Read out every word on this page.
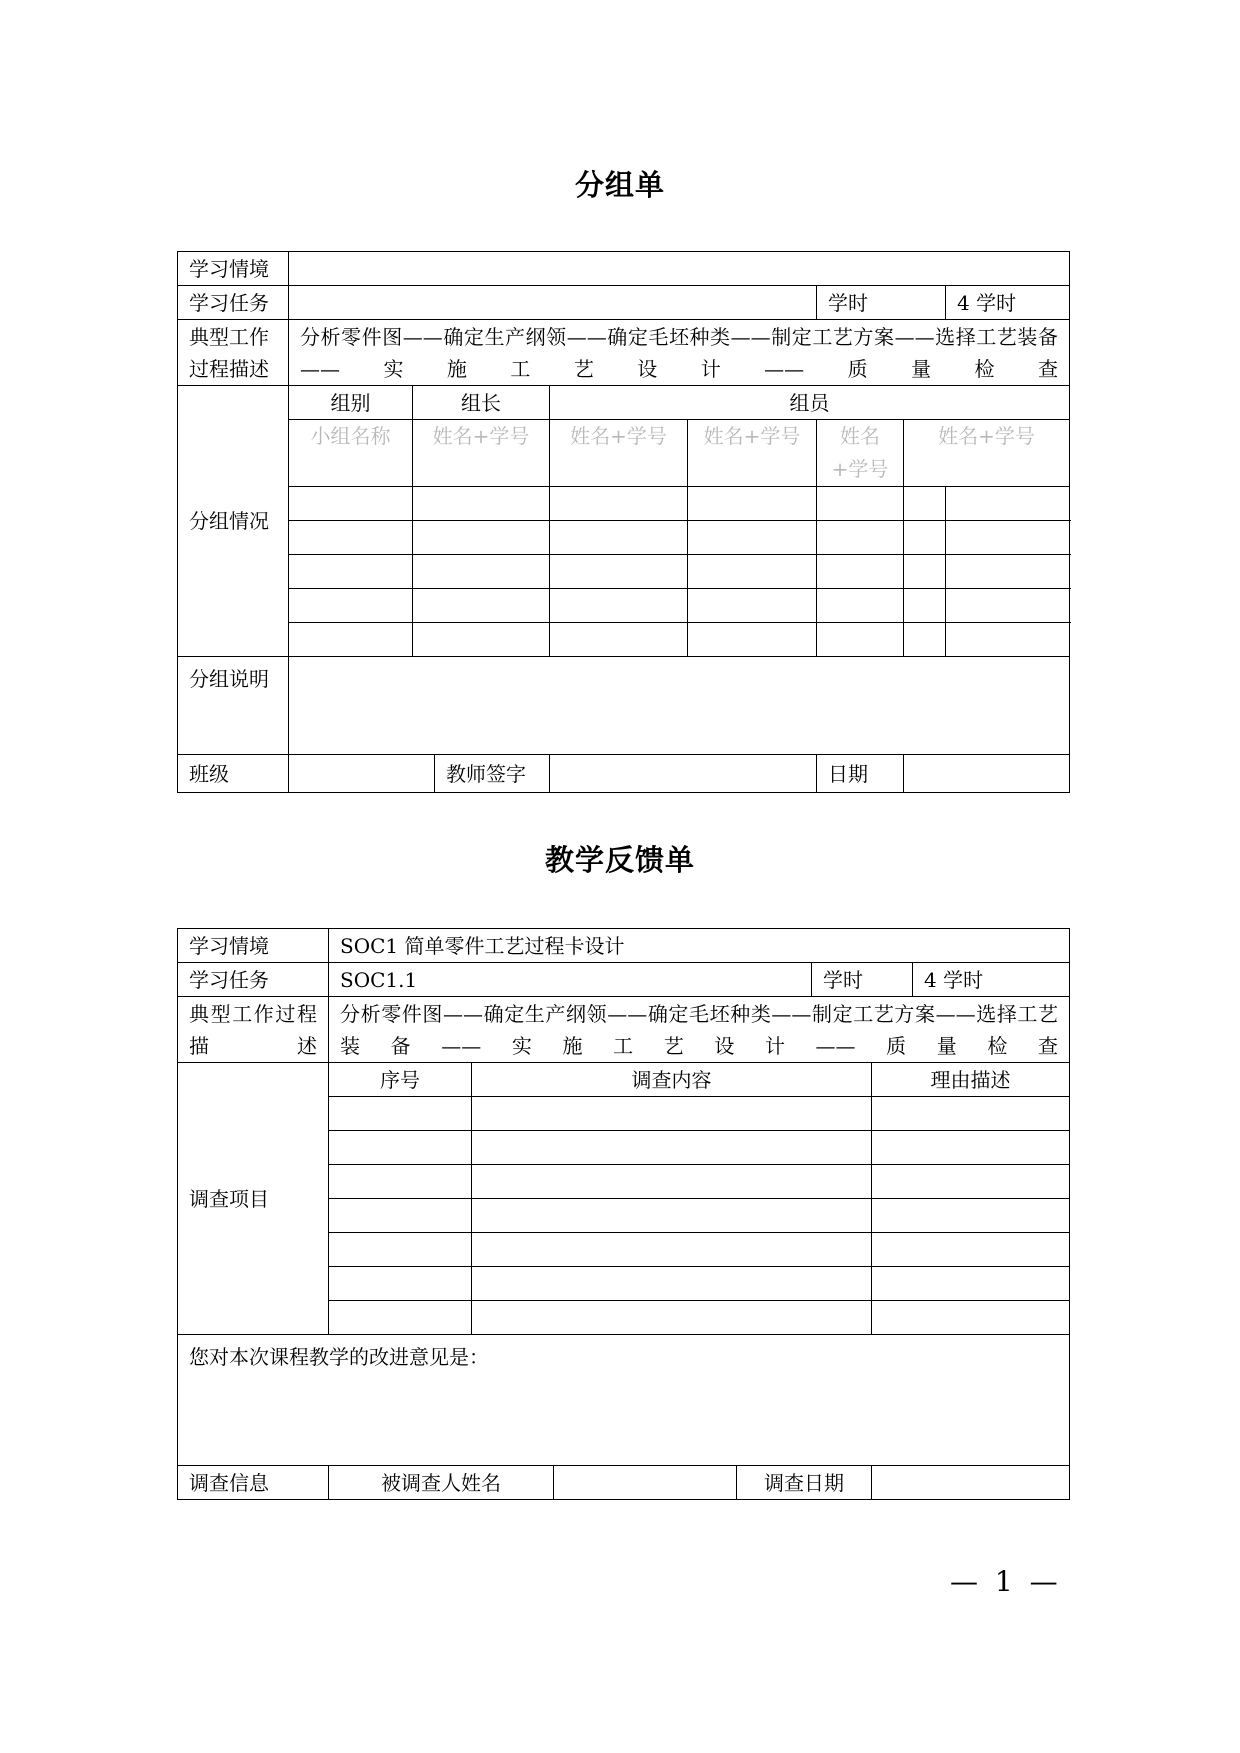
分组单
学习情境								
学习任务						学时		4 学时
典型工作过程描述	分析零件图——确定生产纲领——确定毛坯种类——制定工艺方案——选择工艺装备——实施工艺设计——质量检查							
分组情况	组别	组长		组员				
	小组名称	姓名+学号		姓名+学号	姓名+学号	姓名+学号	姓名+学号	

分组说明								
班级			教师签字			日期		
教学反馈单
学习情境	SOC1 简单零件工艺过程卡设计						
学习任务	SOC1.1				学时		4 学时
典型工作过程描述	分析零件图——确定生产纲领——确定毛坯种类——制定工艺方案——选择工艺装备——实施工艺设计——质量检查						
调查项目	序号	调查内容				理由描述	

您对本次课程教学的改进意见是：							
调查信息	被调查人姓名			调查日期			
— 1 —
